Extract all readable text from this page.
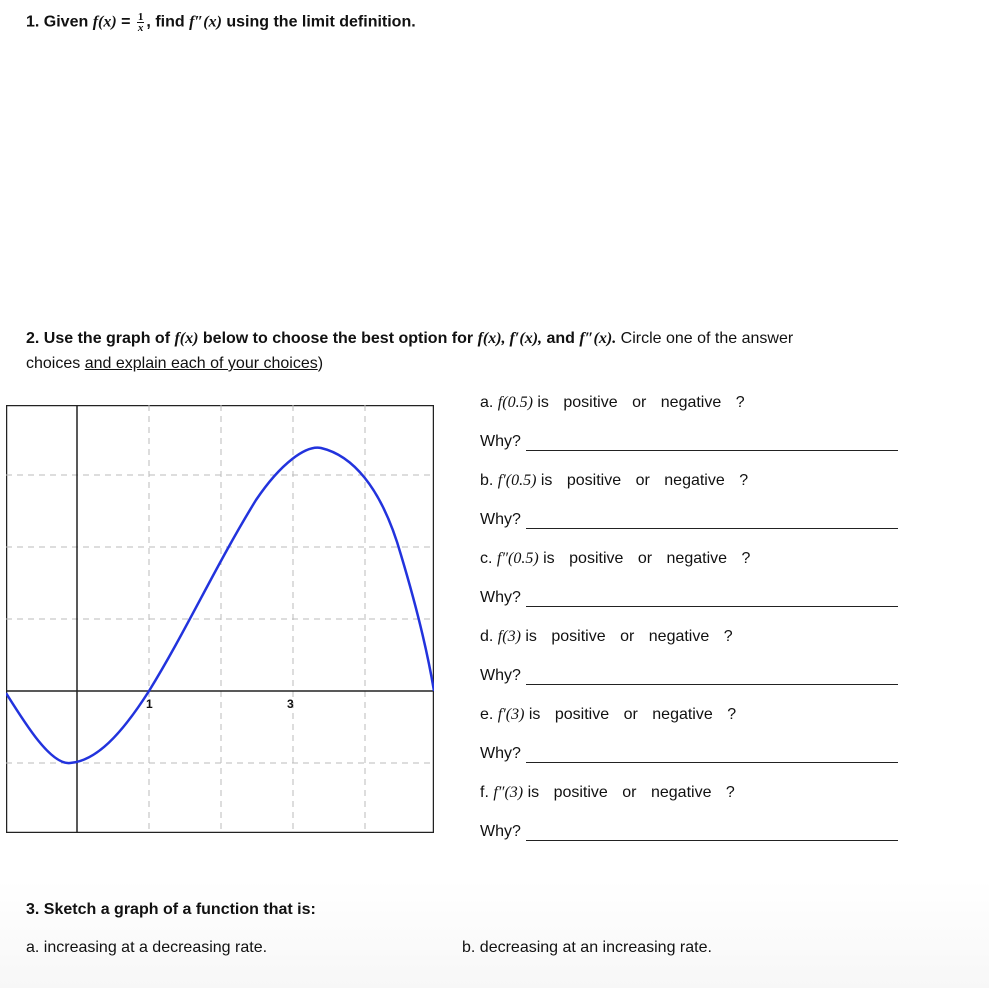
1. Given $f(x) = \frac{1}{x}$ , find f″(x) using the limit definition.
2. Use the graph of f(x) below to choose the best option for f(x), f′(x), and f″(x). Circle one of the answer
choices and explain each of your choices)
1	3
a. f(0.5) is positive or negative ?
Why?
b. f′(0.5) is positive or negative ?
Why?
c. f″(0.5) is positive or negative ?
Why?
d. f(3) is positive or negative ?
Why?
e. f′(3) is positive or negative ?
Why?
f. f″(3) is positive or negative ?
Why?
3. Sketch a graph of a function that is:
a. increasing at a decreasing rate.	b. decreasing at an increasing rate.
